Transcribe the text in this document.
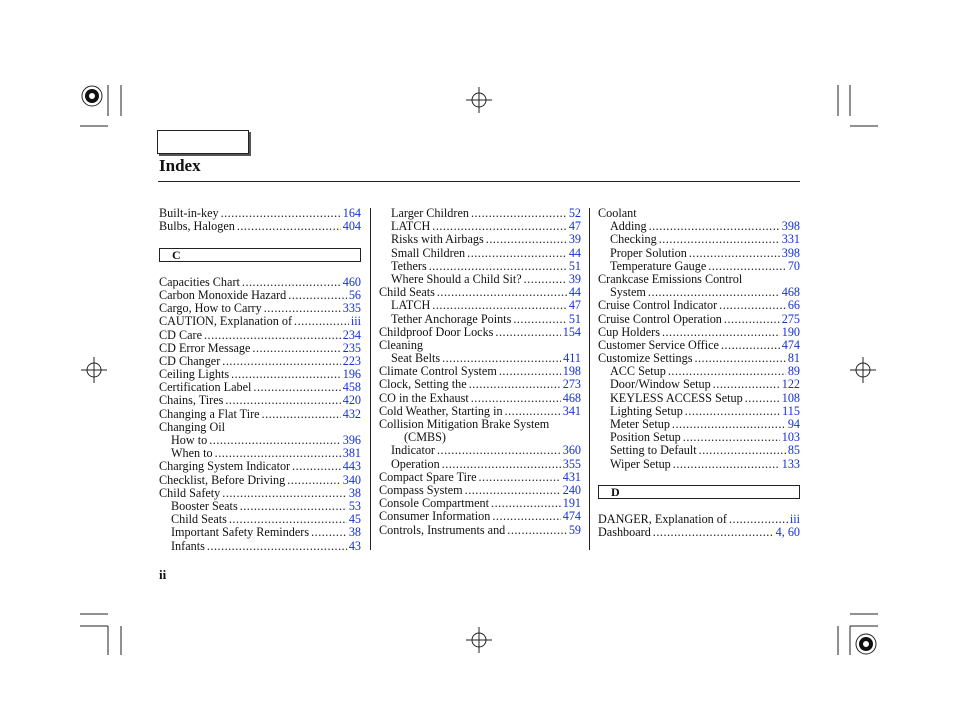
Index
Built-in-key .....	164
Bulbs, Halogen .....	404
C
Capacities Chart .....	460
Carbon Monoxide Hazard .....	56
Cargo, How to Carry .....	335
CAUTION, Explanation of .....	iii
CD Care .....	234
CD Error Message .....	235
CD Changer .....	223
Ceiling Lights .....	196
Certification Label .....	458
Chains, Tires .....	420
Changing a Flat Tire .....	432
Changing Oil
How to .....	396
When to .....	381
Charging System Indicator .....	443
Checklist, Before Driving .....	340
Child Safety .....	38
Booster Seats .....	53
Child Seats .....	45
Important Safety Reminders .....	38
Infants .....	43
Larger Children .....	52
LATCH .....	47
Risks with Airbags .....	39
Small Children .....	44
Tethers .....	51
Where Should a Child Sit? .....	39
Child Seats .....	44
LATCH .....	47
Tether Anchorage Points .....	51
Childproof Door Locks .....	154
Cleaning
Seat Belts .....	411
Climate Control System .....	198
Clock, Setting the .....	273
CO in the Exhaust .....	468
Cold Weather, Starting in .....	341
Collision Mitigation Brake System
(CMBS)
Indicator .....	360
Operation .....	355
Compact Spare Tire .....	431
Compass System .....	240
Console Compartment .....	191
Consumer Information .....	474
Controls, Instruments and .....	59
Coolant
Adding .....	398
Checking .....	331
Proper Solution .....	398
Temperature Gauge .....	70
Crankcase Emissions Control
System .....	468
Cruise Control Indicator .....	66
Cruise Control Operation .....	275
Cup Holders .....	190
Customer Service Office .....	474
Customize Settings .....	81
ACC Setup .....	89
Door/Window Setup .....	122
KEYLESS ACCESS Setup .....	108
Lighting Setup .....	115
Meter Setup .....	94
Position Setup .....	103
Setting to Default .....	85
Wiper Setup .....	133
D
DANGER, Explanation of .....	iii
Dashboard .....	4, 60
ii
